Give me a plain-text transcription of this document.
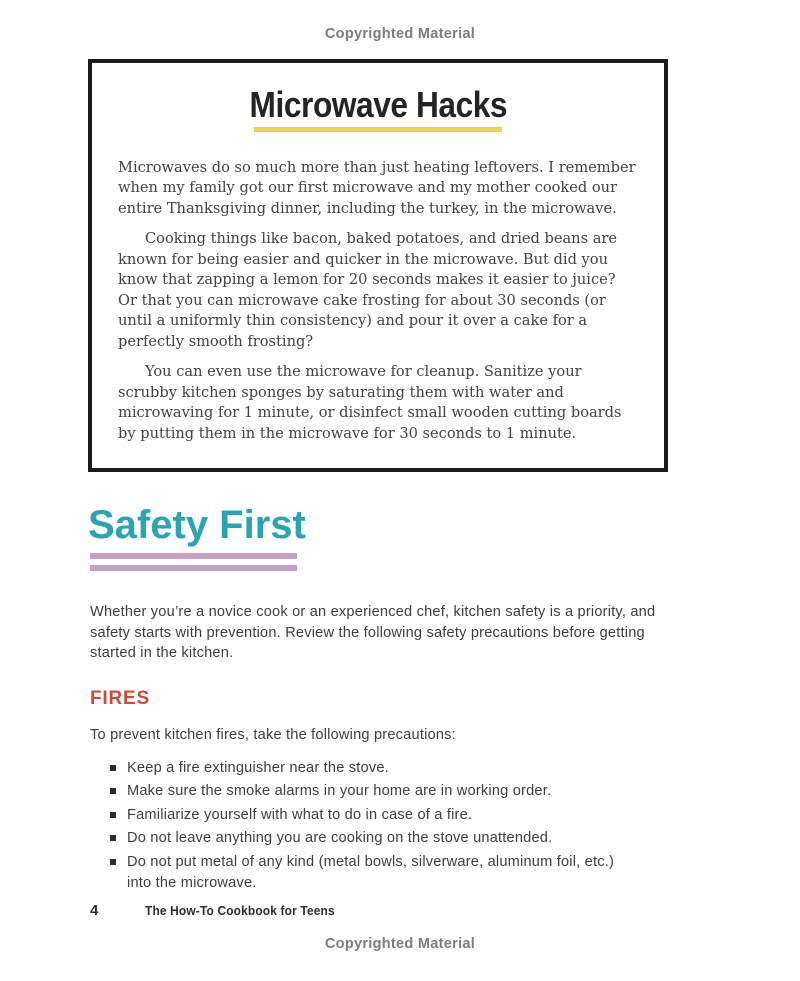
Copyrighted Material
Microwave Hacks

Microwaves do so much more than just heating leftovers. I remember when my family got our first microwave and my mother cooked our entire Thanksgiving dinner, including the turkey, in the microwave.

Cooking things like bacon, baked potatoes, and dried beans are known for being easier and quicker in the microwave. But did you know that zapping a lemon for 20 seconds makes it easier to juice? Or that you can microwave cake frosting for about 30 seconds (or until a uniformly thin consistency) and pour it over a cake for a perfectly smooth frosting?

You can even use the microwave for cleanup. Sanitize your scrubby kitchen sponges by saturating them with water and microwaving for 1 minute, or disinfect small wooden cutting boards by putting them in the microwave for 30 seconds to 1 minute.

Safety First

Whether you’re a novice cook or an experienced chef, kitchen safety is a priority, and safety starts with prevention. Review the following safety precautions before getting started in the kitchen.

FIRES

To prevent kitchen fires, take the following precautions:

Keep a fire extinguisher near the stove.
Make sure the smoke alarms in your home are in working order.
Familiarize yourself with what to do in case of a fire.
Do not leave anything you are cooking on the stove unattended.
Do not put metal of any kind (metal bowls, silverware, aluminum foil, etc.) into the microwave.
4	The How-To Cookbook for Teens
Copyrighted Material
